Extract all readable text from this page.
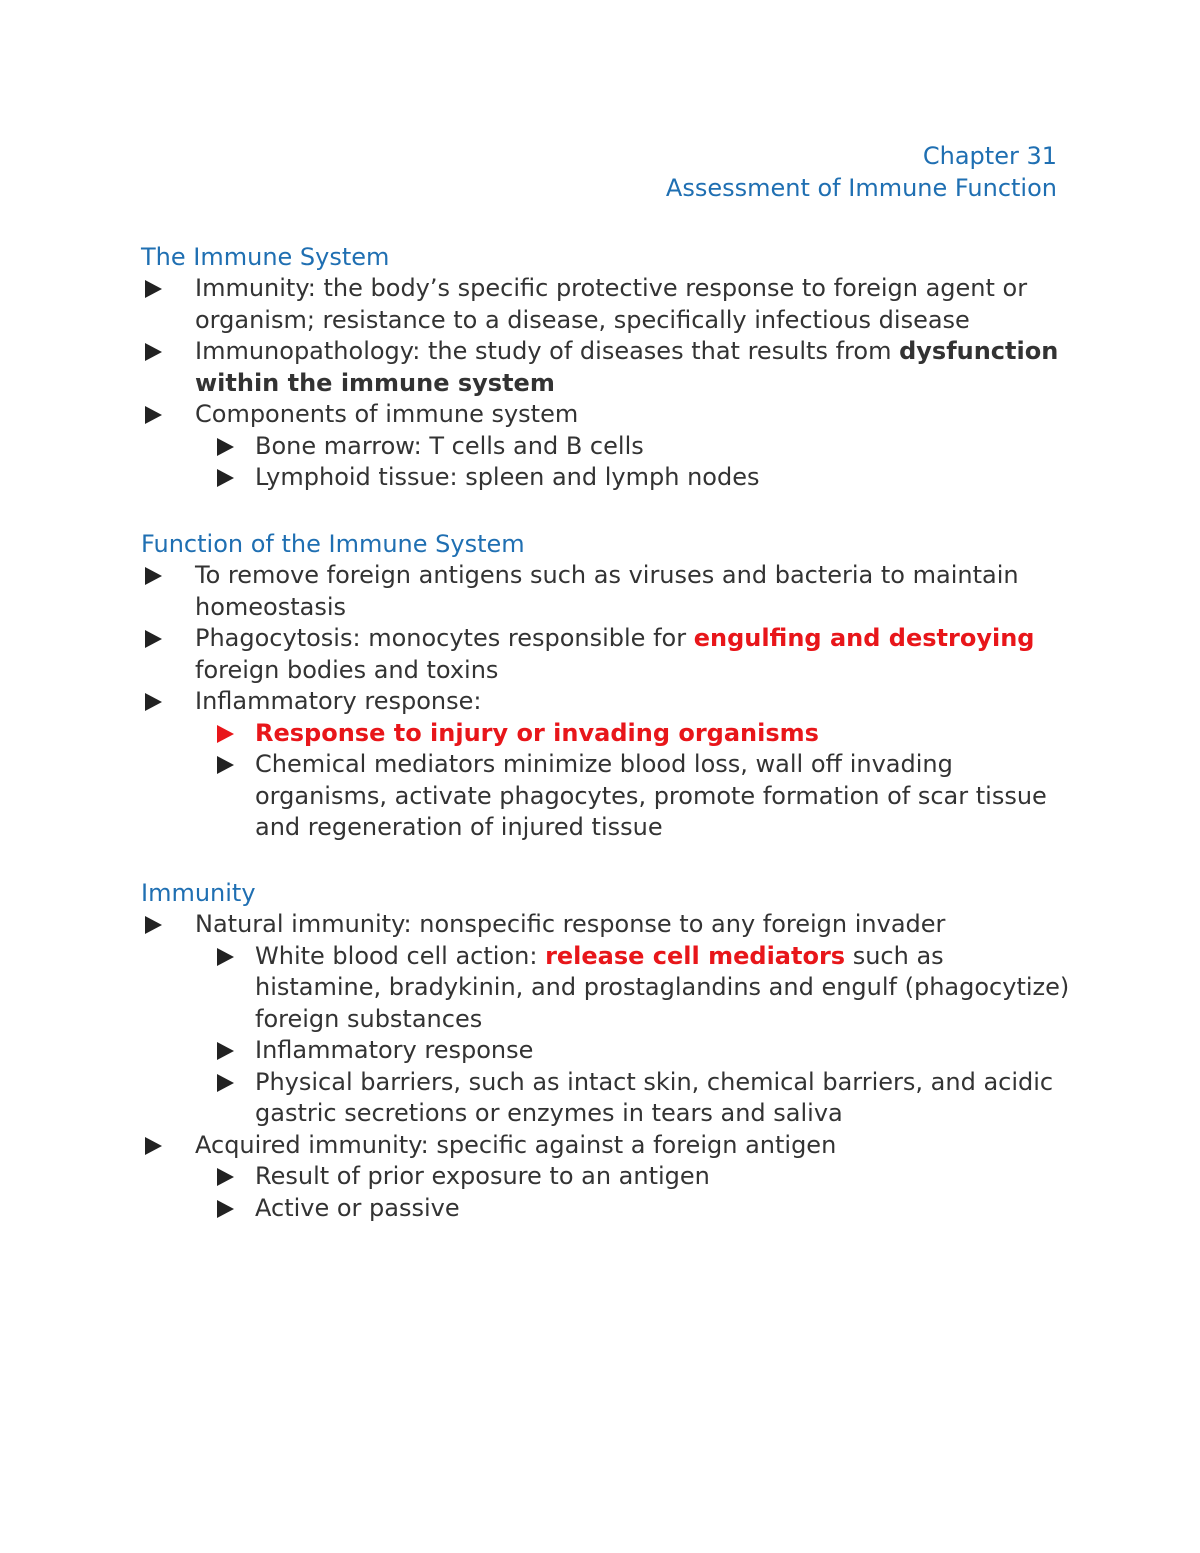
Chapter 31
Assessment of Immune Function
The Immune System
Immunity: the body’s specific protective response to foreign agent or organism; resistance to a disease, specifically infectious disease
Immunopathology: the study of diseases that results from dysfunction within the immune system
Components of immune system
Bone marrow: T cells and B cells
Lymphoid tissue: spleen and lymph nodes
Function of the Immune System
To remove foreign antigens such as viruses and bacteria to maintain homeostasis
Phagocytosis: monocytes responsible for engulfing and destroying foreign bodies and toxins
Inflammatory response:
Response to injury or invading organisms
Chemical mediators minimize blood loss, wall off invading organisms, activate phagocytes, promote formation of scar tissue and regeneration of injured tissue
Immunity
Natural immunity: nonspecific response to any foreign invader
White blood cell action: release cell mediators such as histamine, bradykinin, and prostaglandins and engulf (phagocytize) foreign substances
Inflammatory response
Physical barriers, such as intact skin, chemical barriers, and acidic gastric secretions or enzymes in tears and saliva
Acquired immunity: specific against a foreign antigen
Result of prior exposure to an antigen
Active or passive
